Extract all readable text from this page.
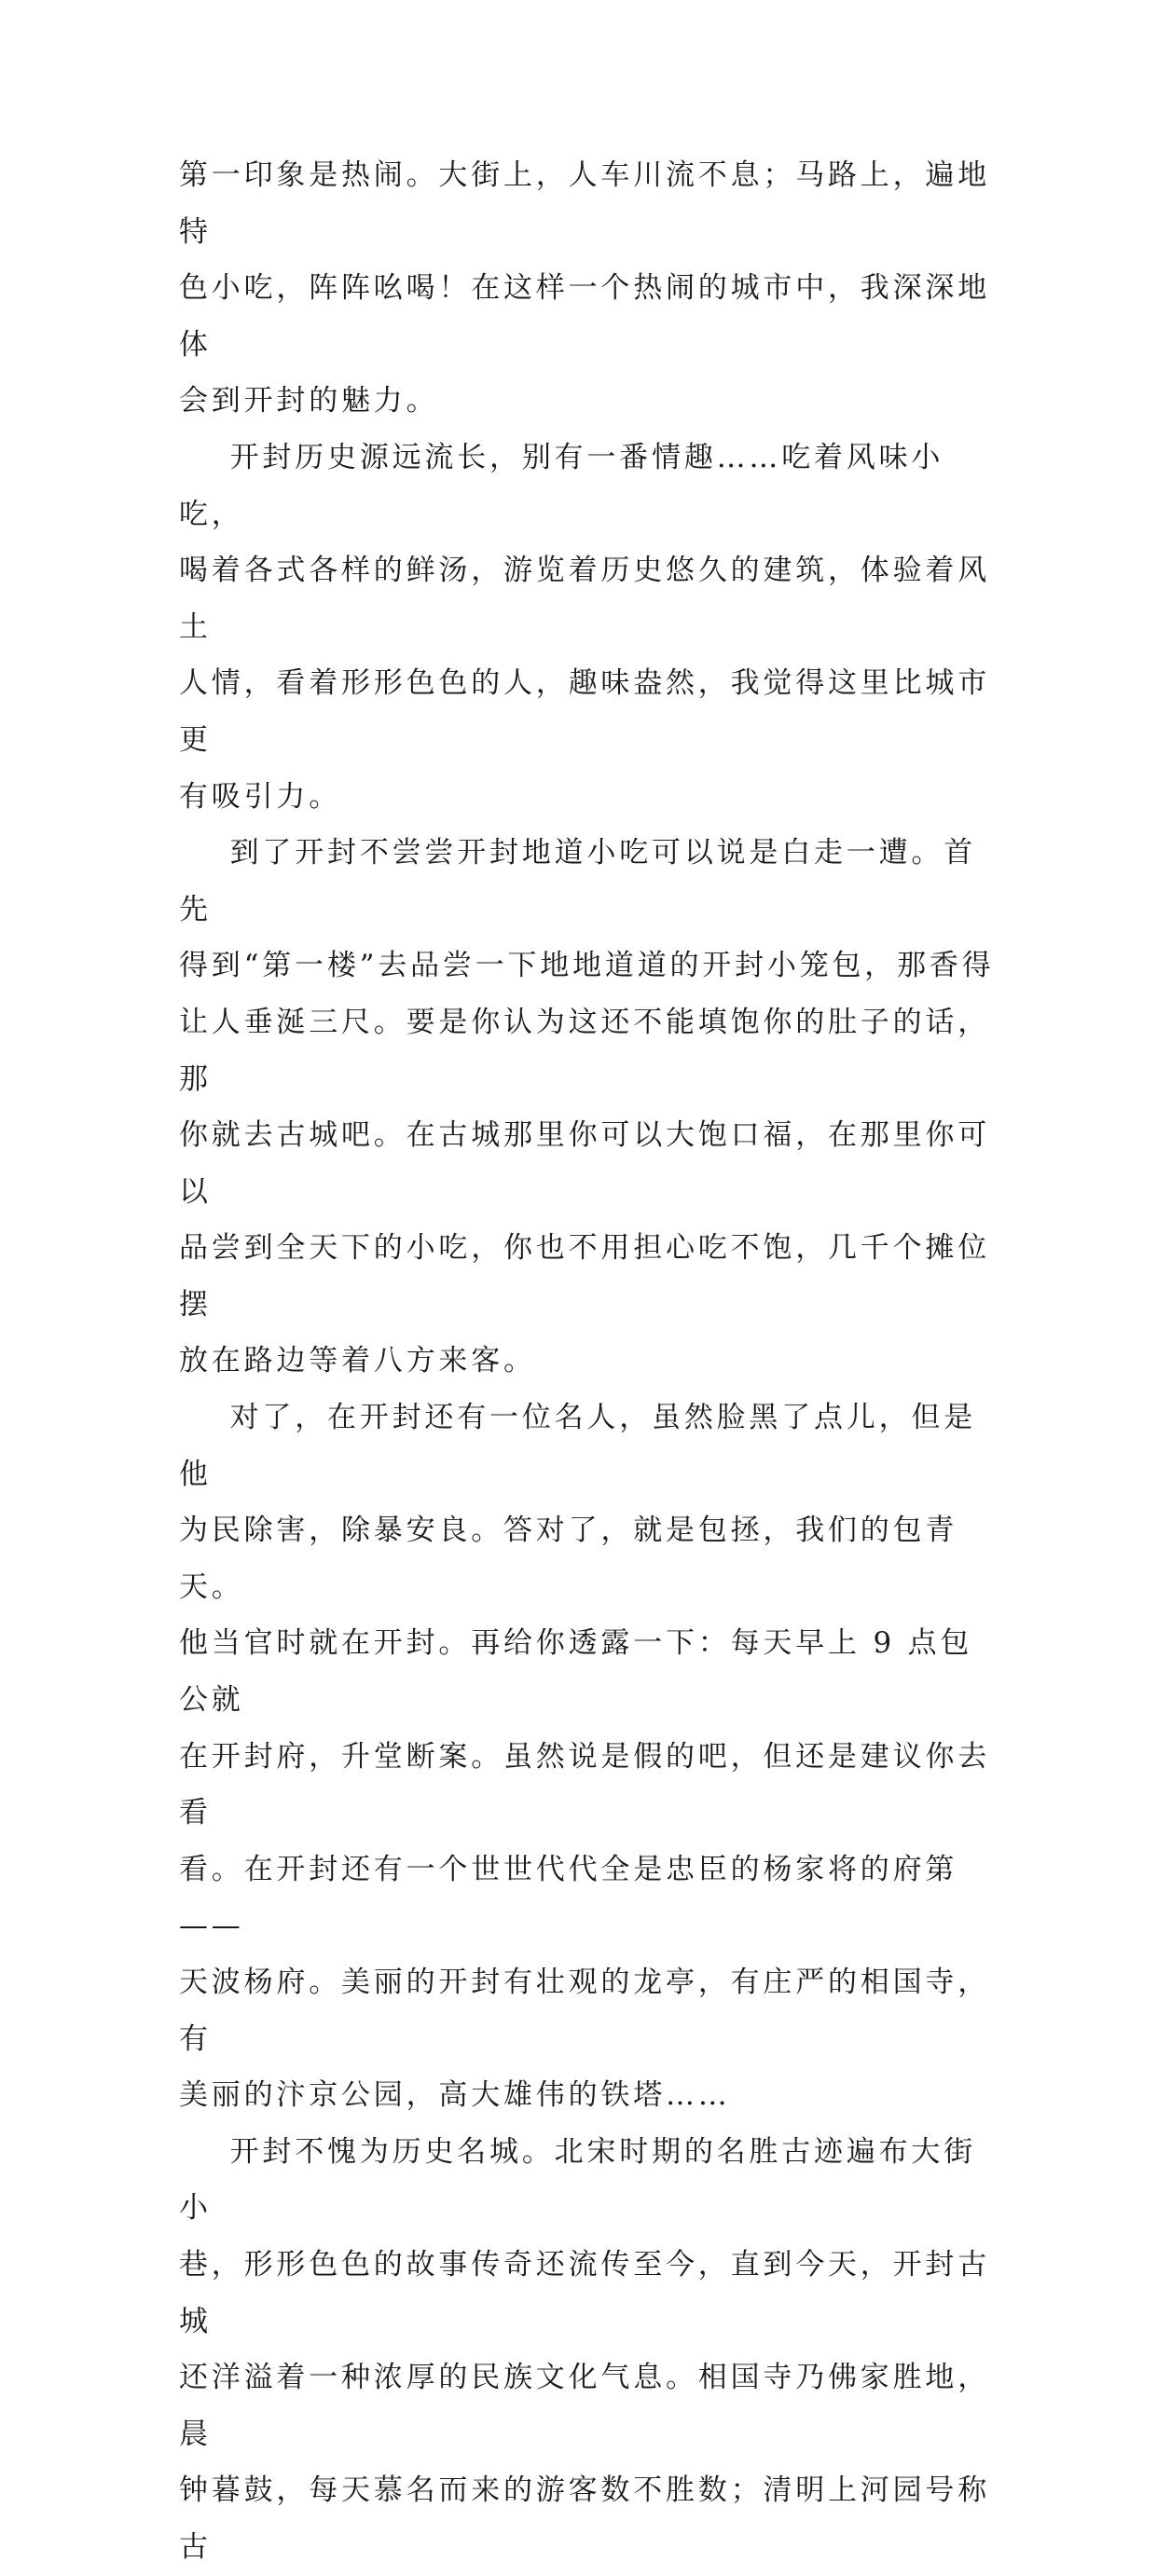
第一印象是热闹。大街上，人车川流不息；马路上，遍地特
色小吃，阵阵吆喝！在这样一个热闹的城市中，我深深地体
会到开封的魅力。

开封历史源远流长，别有一番情趣……吃着风味小吃，
喝着各式各样的鲜汤，游览着历史悠久的建筑，体验着风土
人情，看着形形色色的人，趣味盎然，我觉得这里比城市更
有吸引力。

到了开封不尝尝开封地道小吃可以说是白走一遭。首先
得到“第一楼”去品尝一下地地道道的开封小笼包，那香得
让人垂涎三尺。要是你认为这还不能填饱你的肚子的话，那
你就去古城吧。在古城那里你可以大饱口福，在那里你可以
品尝到全天下的小吃，你也不用担心吃不饱，几千个摊位摆
放在路边等着八方来客。

对了，在开封还有一位名人，虽然脸黑了点儿，但是他
为民除害，除暴安良。答对了，就是包拯，我们的包青天。
他当官时就在开封。再给你透露一下：每天早上 9 点包公就
在开封府，升堂断案。虽然说是假的吧，但还是建议你去看
看。在开封还有一个世世代代全是忠臣的杨家将的府第——
天波杨府。美丽的开封有壮观的龙亭，有庄严的相国寺，有
美丽的汴京公园，高大雄伟的铁塔……

开封不愧为历史名城。北宋时期的名胜古迹遍布大街小
巷，形形色色的故事传奇还流传至今，直到今天，开封古城
还洋溢着一种浓厚的民族文化气息。相国寺乃佛家胜地，晨
钟暮鼓，每天慕名而来的游客数不胜数；清明上河园号称古
